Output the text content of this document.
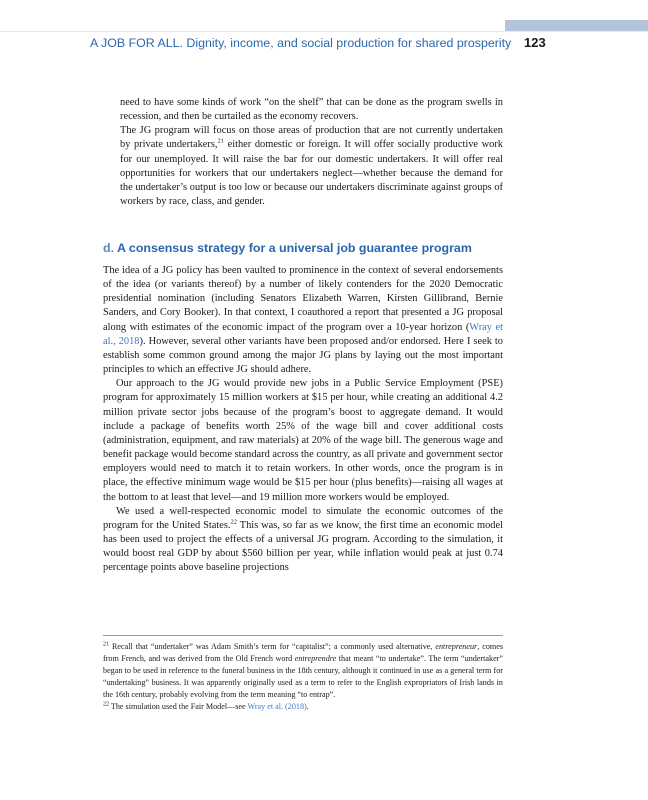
A JOB FOR ALL. Dignity, income, and social production for shared prosperity 123

need to have some kinds of work “on the shelf” that can be done as the program swells in recession, and then be curtailed as the economy recovers.

The JG program will focus on those areas of production that are not currently undertaken by private undertakers,$^{21}$ either domestic or foreign. It will offer socially productive work for our unemployed. It will raise the bar for our domestic undertakers. It will offer real opportunities for workers that our undertakers neglect—whether because the demand for the undertaker’s output is too low or because our undertakers discriminate against groups of workers by race, class, and gender.

d. A consensus strategy for a universal job guarantee program

The idea of a JG policy has been vaulted to prominence in the context of several endorsements of the idea (or variants thereof) by a number of likely contenders for the 2020 Democratic presidential nomination (including Senators Elizabeth Warren, Kirsten Gillibrand, Bernie Sanders, and Cory Booker). In that context, I coauthored a report that presented a JG proposal along with estimates of the economic impact of the program over a 10-year horizon (Wray et al., 2018). However, several other variants have been proposed and/or endorsed. Here I seek to establish some common ground among the major JG plans by laying out the most important principles to which an effective JG should adhere.

Our approach to the JG would provide new jobs in a Public Service Employment (PSE) program for approximately 15 million workers at $15 per hour, while creating an additional 4.2 million private sector jobs because of the program’s boost to aggregate demand. It would include a package of benefits worth 25% of the wage bill and cover additional costs (administration, equipment, and raw materials) at 20% of the wage bill. The generous wage and benefit package would become standard across the country, as all private and government sector employers would need to match it to retain workers. In other words, once the program is in place, the effective minimum wage would be $15 per hour (plus benefits)—raising all wages at the bottom to at least that level—and 19 million more workers would be employed.

We used a well-respected economic model to simulate the economic outcomes of the program for the United States.$^{22}$ This was, so far as we know, the first time an economic model has been used to project the effects of a universal JG program. According to the simulation, it would boost real GDP by about $560 billion per year, while inflation would peak at just 0.74 percentage points above baseline projections

$^{21}$ Recall that “undertaker” was Adam Smith’s term for “capitalist”; a commonly used alternative, entrepreneur, comes from French, and was derived from the Old French word entreprendre that meant “to undertake”. The term “undertaker” began to be used in reference to the funeral business in the 18th century, although it continued in use as a general term for “undertaking” business. It was apparently originally used as a term to refer to the English expropriators of Irish lands in the 16th century, probably evolving from the term meaning “to entrap”.

$^{22}$ The simulation used the Fair Model—see Wray et al. (2018).
